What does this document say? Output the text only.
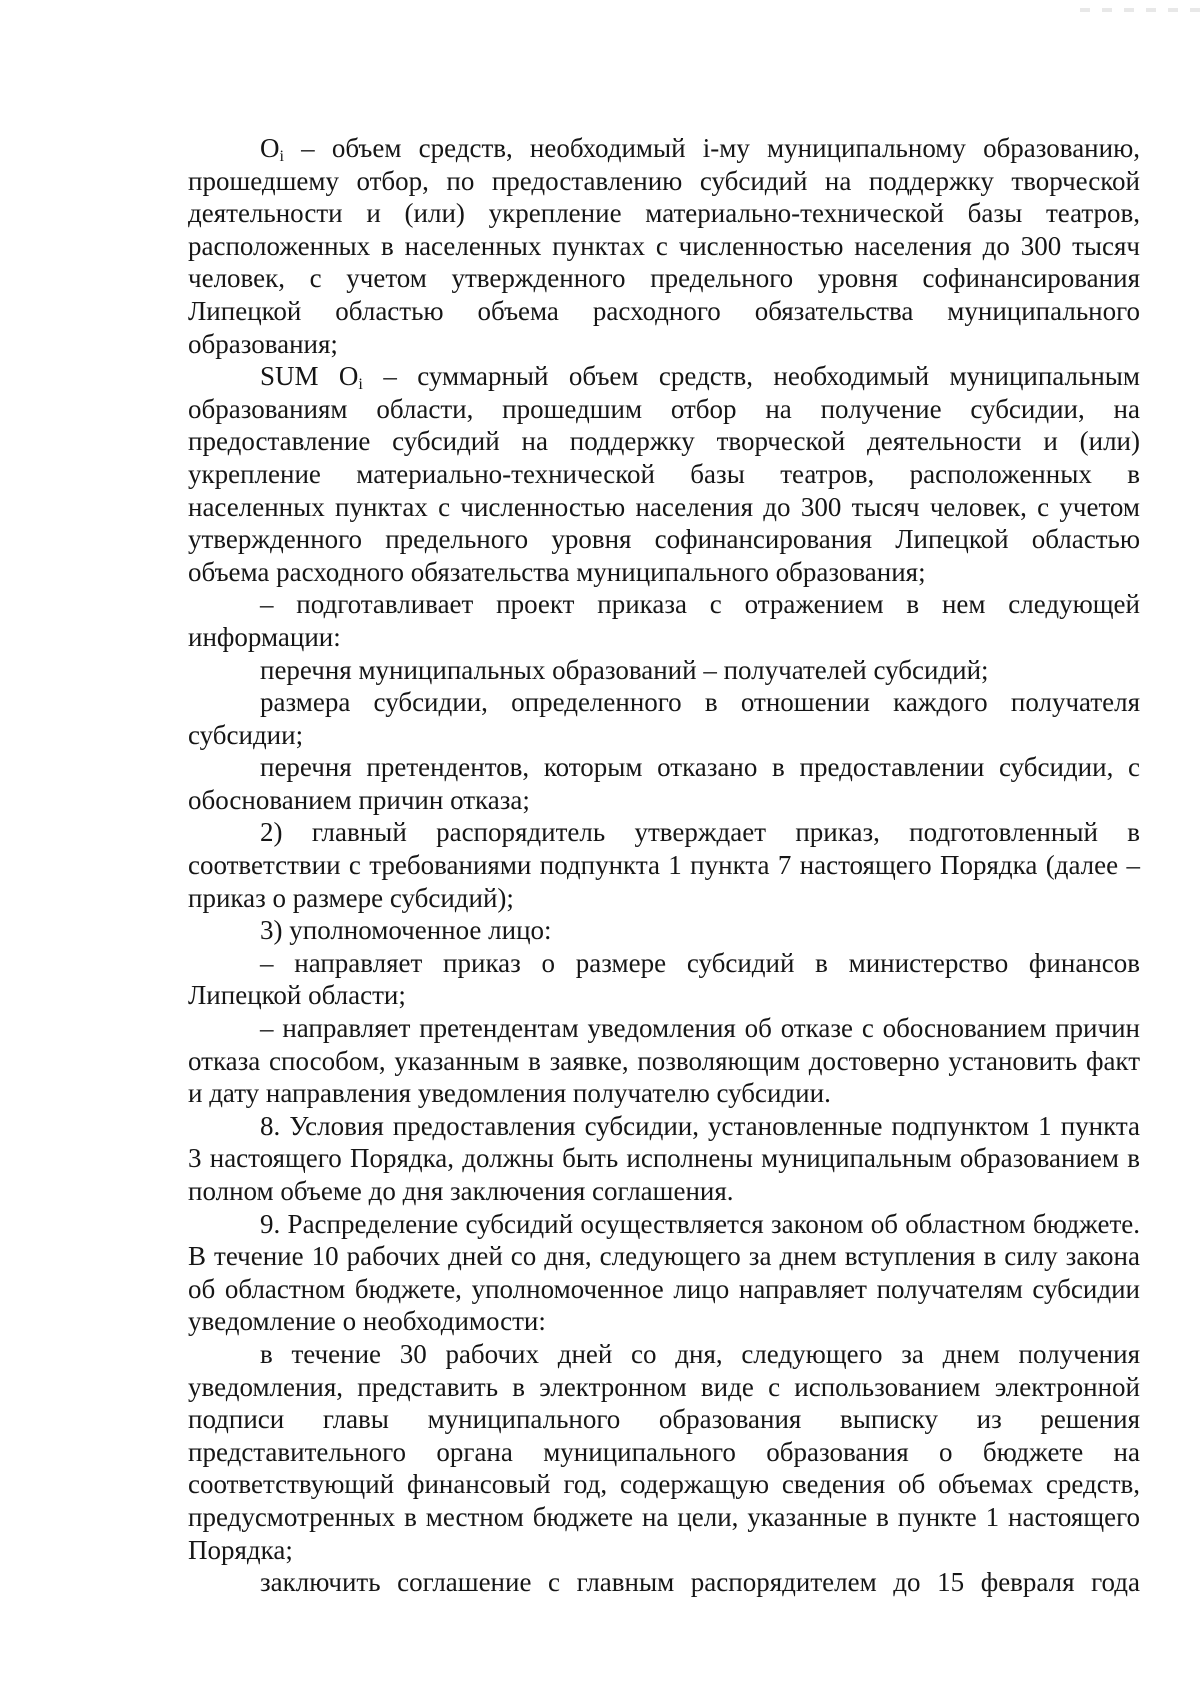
$O_i$ – объем средств, необходимый i-му муниципальному образованию, прошедшему отбор, по предоставлению субсидий на поддержку творческой деятельности и (или) укрепление материально-технической базы театров, расположенных в населенных пунктах с численностью населения до 300 тысяч человек, с учетом утвержденного предельного уровня софинансирования Липецкой областью объема расходного обязательства муниципального образования;

SUM $O_i$ – суммарный объем средств, необходимый муниципальным образованиям области, прошедшим отбор на получение субсидии, на предоставление субсидий на поддержку творческой деятельности и (или) укрепление материально-технической базы театров, расположенных в населенных пунктах с численностью населения до 300 тысяч человек, с учетом утвержденного предельного уровня софинансирования Липецкой областью объема расходного обязательства муниципального образования;

– подготавливает проект приказа с отражением в нем следующей информации:

перечня муниципальных образований – получателей субсидий;

размера субсидии, определенного в отношении каждого получателя субсидии;

перечня претендентов, которым отказано в предоставлении субсидии, с обоснованием причин отказа;

2) главный распорядитель утверждает приказ, подготовленный в соответствии с требованиями подпункта 1 пункта 7 настоящего Порядка (далее – приказ о размере субсидий);

3) уполномоченное лицо:

– направляет приказ о размере субсидий в министерство финансов Липецкой области;

– направляет претендентам уведомления об отказе с обоснованием причин отказа способом, указанным в заявке, позволяющим достоверно установить факт и дату направления уведомления получателю субсидии.

8. Условия предоставления субсидии, установленные подпунктом 1 пункта 3 настоящего Порядка, должны быть исполнены муниципальным образованием в полном объеме до дня заключения соглашения.

9. Распределение субсидий осуществляется законом об областном бюджете. В течение 10 рабочих дней со дня, следующего за днем вступления в силу закона об областном бюджете, уполномоченное лицо направляет получателям субсидии уведомление о необходимости:

в течение 30 рабочих дней со дня, следующего за днем получения уведомления, представить в электронном виде с использованием электронной подписи главы муниципального образования выписку из решения представительного органа муниципального образования о бюджете на соответствующий финансовый год, содержащую сведения об объемах средств, предусмотренных в местном бюджете на цели, указанные в пункте 1 настоящего Порядка;

заключить соглашение с главным распорядителем до 15 февраля года
